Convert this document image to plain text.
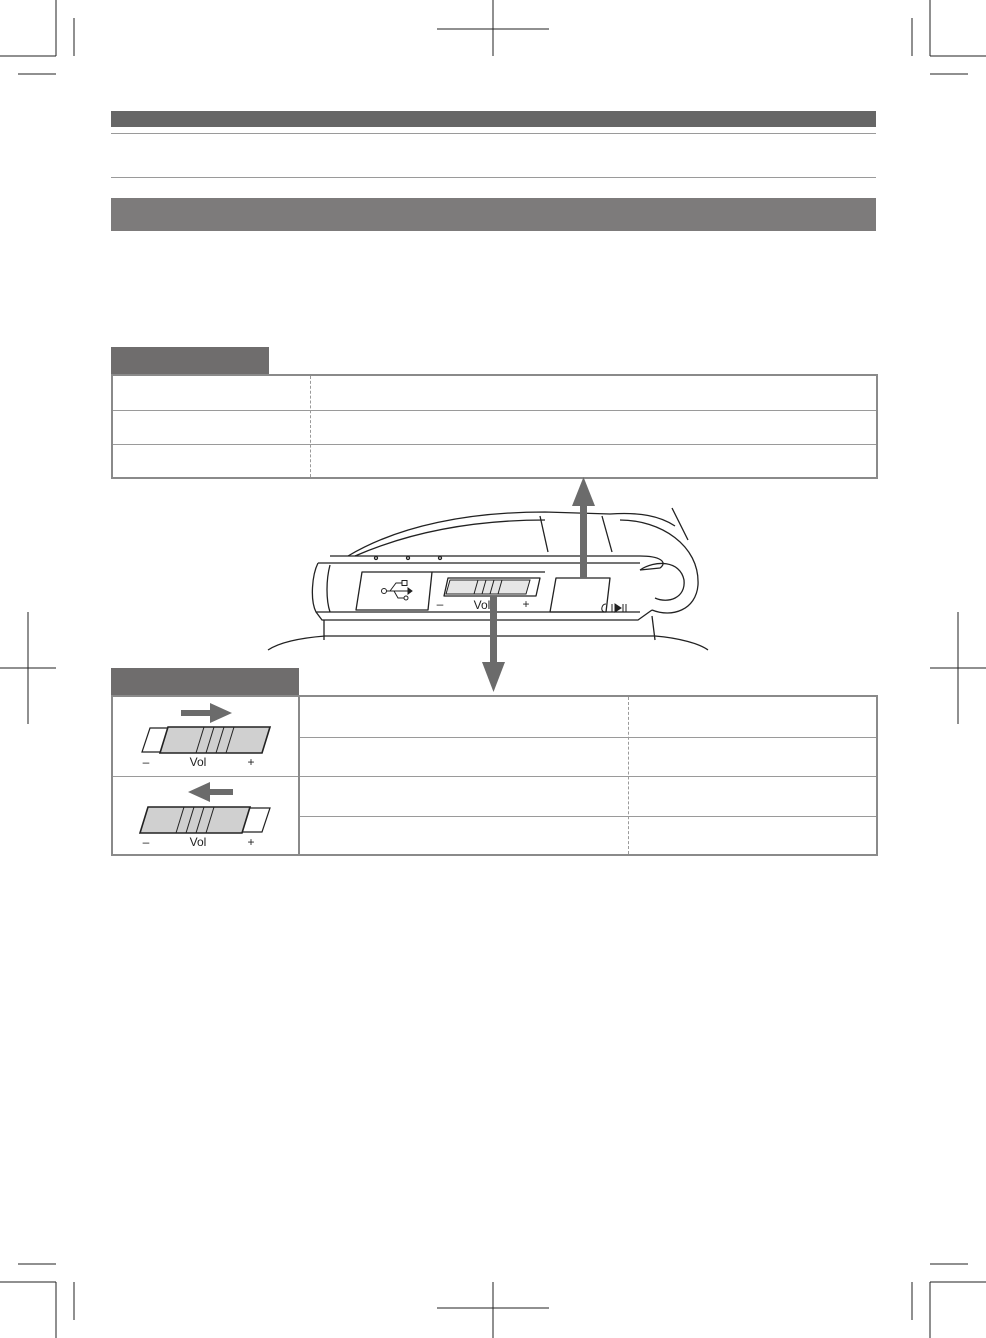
–	Vol	+
–	Vol	+
–	Vol	+
